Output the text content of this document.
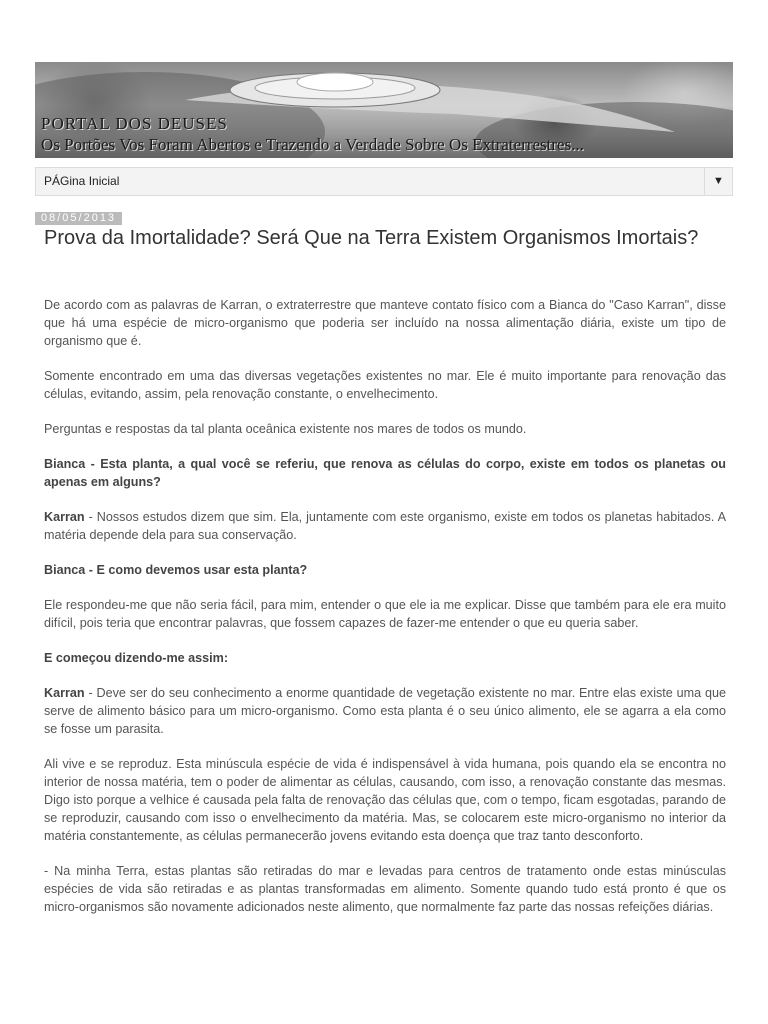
PORTAL DOS DEUSES
Os Portões Vos Foram Abertos e Trazendo a Verdade Sobre Os Extraterrestres...
PÁGina Inicial	▼
08/05/2013
Prova da Imortalidade? Será Que na Terra Existem Organismos Imortais?

De acordo com as palavras de Karran, o extraterrestre que manteve contato físico com a Bianca do "Caso Karran", disse que há uma espécie de micro-organismo que poderia ser incluído na nossa alimentação diária, existe um tipo de organismo que é.

Somente encontrado em uma das diversas vegetações existentes no mar. Ele é muito importante para renovação das células, evitando, assim, pela renovação constante, o envelhecimento.

Perguntas e respostas da tal planta oceânica existente nos mares de todos os mundo.

Bianca - Esta planta, a qual você se referiu, que renova as células do corpo, existe em todos os planetas ou apenas em alguns?

Karran - Nossos estudos dizem que sim. Ela, juntamente com este organismo, existe em todos os planetas habitados. A matéria depende dela para sua conservação.

Bianca - E como devemos usar esta planta?

Ele respondeu-me que não seria fácil, para mim, entender o que ele ia me explicar. Disse que também para ele era muito difícil, pois teria que encontrar palavras, que fossem capazes de fazer-me entender o que eu queria saber.

E começou dizendo-me assim:

Karran - Deve ser do seu conhecimento a enorme quantidade de vegetação existente no mar. Entre elas existe uma que serve de alimento básico para um micro-organismo. Como esta planta é o seu único alimento, ele se agarra a ela como se fosse um parasita.

Ali vive e se reproduz. Esta minúscula espécie de vida é indispensável à vida humana, pois quando ela se encontra no interior de nossa matéria, tem o poder de alimentar as células, causando, com isso, a renovação constante das mesmas. Digo isto porque a velhice é causada pela falta de renovação das células que, com o tempo, ficam esgotadas, parando de se reproduzir, causando com isso o envelhecimento da matéria. Mas, se colocarem este micro-organismo no interior da matéria constantemente, as células permanecerão jovens evitando esta doença que traz tanto desconforto.

- Na minha Terra, estas plantas são retiradas do mar e levadas para centros de tratamento onde estas minúsculas espécies de vida são retiradas e as plantas transformadas em alimento. Somente quando tudo está pronto é que os micro-organismos são novamente adicionados neste alimento, que normalmente faz parte das nossas refeições diárias.
